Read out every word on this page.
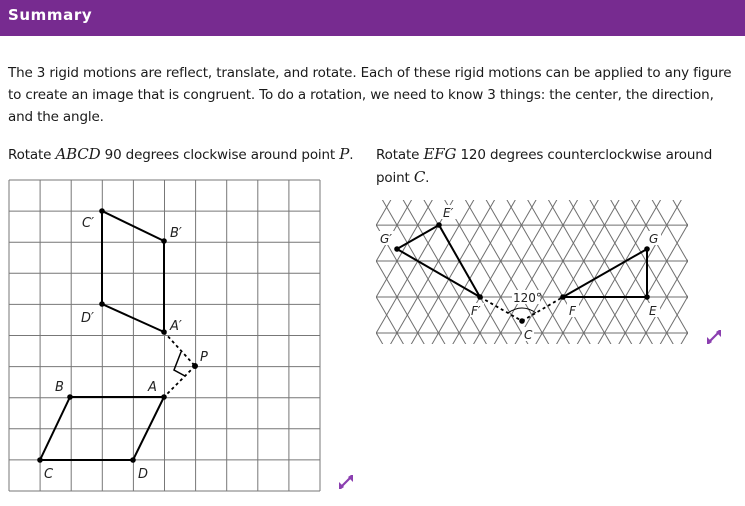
Summary
The 3 rigid motions are reflect, translate, and rotate. Each of these rigid motions can be applied to any figure to create an image that is congruent. To do a rotation, we need to know 3 things: the center, the direction, and the angle.
Rotate ABCD 90 degrees clockwise around point P. Rotate EFG 120 degrees counterclockwise around point C.
A
B
C	D
A′
B′
C′
D′
P
E′
G′
F′
120°
C
F	E
G
